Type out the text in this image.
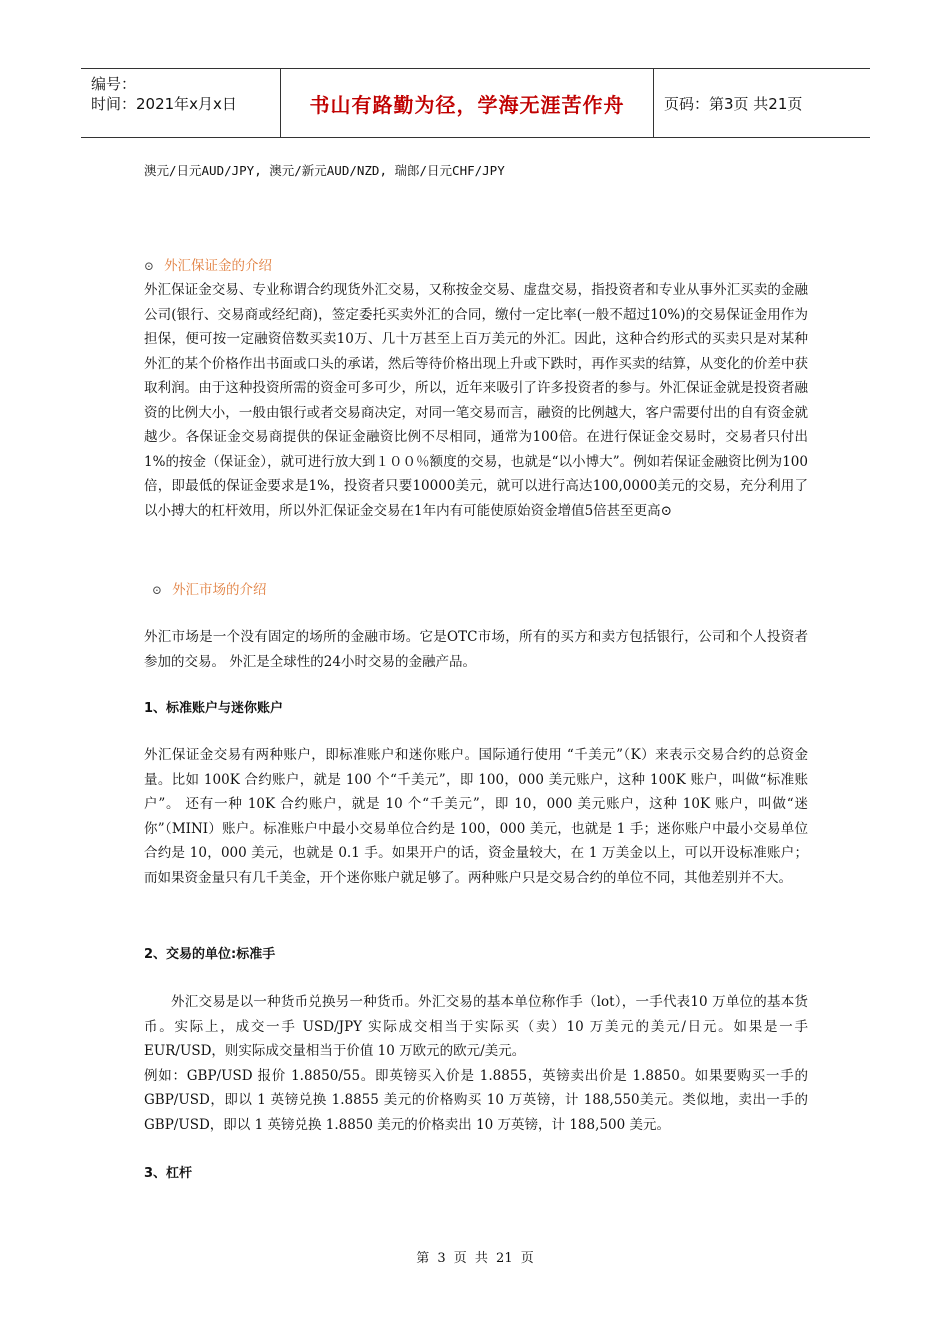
编号：
时间：2021年x月x日	书山有路勤为径，学海无涯苦作舟	页码：第3页 共21页
澳元/日元AUD/JPY, 澳元/新元AUD/NZD, 瑞郎/日元CHF/JPY
⊙ 外汇保证金的介绍
外汇保证金交易、专业称谓合约现货外汇交易，又称按金交易、虚盘交易，指投资者和专业从事外汇买卖的金融公司(银行、交易商或经纪商)，签定委托买卖外汇的合同，缴付一定比率(一般不超过10%)的交易保证金用作为担保，便可按一定融资倍数买卖10万、几十万甚至上百万美元的外汇。因此，这种合约形式的买卖只是对某种外汇的某个价格作出书面或口头的承诺，然后等待价格出现上升或下跌时，再作买卖的结算，从变化的价差中获取利润。由于这种投资所需的资金可多可少，所以，近年来吸引了许多投资者的参与。外汇保证金就是投资者融资的比例大小，一般由银行或者交易商决定，对同一笔交易而言，融资的比例越大，客户需要付出的自有资金就越少。各保证金交易商提供的保证金融资比例不尽相同，通常为100倍。在进行保证金交易时，交易者只付出1%的按金（保证金），就可进行放大到１００％额度的交易，也就是“以小博大”。例如若保证金融资比例为100倍，即最低的保证金要求是1%，投资者只要10000美元，就可以进行高达100,0000美元的交易，充分利用了以小搏大的杠杆效用，所以外汇保证金交易在1年内有可能使原始资金增值5倍甚至更高⊙
⊙ 外汇市场的介绍
外汇市场是一个没有固定的场所的金融市场。它是OTC市场，所有的买方和卖方包括银行，公司和个人投资者参加的交易。 外汇是全球性的24小时交易的金融产品。
1、标准账户与迷你账户
外汇保证金交易有两种账户，即标准账户和迷你账户。国际通行使用 “千美元”（K）来表示交易合约的总资金量。比如 100K 合约账户，就是 100 个“千美元”，即 100，000 美元账户，这种 100K 账户，叫做“标准账户”。 还有一种 10K 合约账户，就是 10 个“千美元”，即 10，000 美元账户，这种 10K 账户，叫做“迷你”（MINI）账户。标准账户中最小交易单位合约是 100，000 美元，也就是 1 手；迷你账户中最小交易单位合约是 10，000 美元，也就是 0.1 手。如果开户的话，资金量较大，在 1 万美金以上，可以开设标准账户；而如果资金量只有几千美金，开个迷你账户就足够了。两种账户只是交易合约的单位不同，其他差别并不大。
2、交易的单位:标准手
外汇交易是以一种货币兑换另一种货币。外汇交易的基本单位称作手（lot），一手代表10 万单位的基本货币。实际上，成交一手 USD/JPY 实际成交相当于实际买（卖）10 万美元的美元/日元。如果是一手 EUR/USD，则实际成交量相当于价值 10 万欧元的欧元/美元。
例如：GBP/USD 报价 1.8850/55。即英镑买入价是 1.8855，英镑卖出价是 1.8850。如果要购买一手的GBP/USD，即以 1 英镑兑换 1.8855 美元的价格购买 10 万英镑，计 188,550美元。类似地，卖出一手的 GBP/USD，即以 1 英镑兑换 1.8850 美元的价格卖出 10 万英镑，计 188,500 美元。
3、杠杆
第 3 页 共 21 页
